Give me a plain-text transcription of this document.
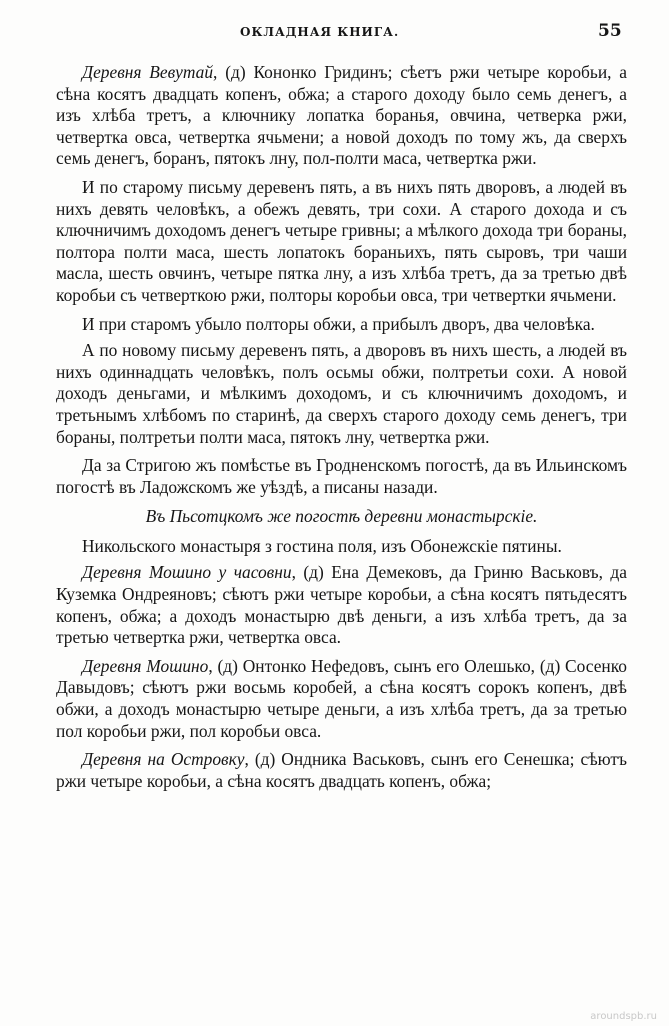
ОКЛАДНАЯ КНИГА.	55

Деревня Вевутай, (д) Кононко Гридинъ; сѣетъ ржи четыре коробьи, а сѣна косятъ двадцать копенъ, обжа; а старого доходу было семь денегъ, а изъ хлѣба третъ, а ключнику лопатка боранья, овчина, четверка ржи, четвертка овса, четвертка ячьмени; а новой доходъ по тому жъ, да сверхъ семь денегъ, боранъ, пятокъ лну, пол-полти маса, четвертка ржи.

И по старому письму деревенъ пять, а въ нихъ пять дворовъ, а людей въ нихъ девять человѣкъ, а обежъ девять, три сохи. А старого дохода и съ ключничимъ доходомъ денегъ четыре гривны; а мѣлкого дохода три бораны, полтора полти маса, шесть лопатокъ бораньихъ, пять сыровъ, три чаши масла, шесть овчинъ, четыре пятка лну, а изъ хлѣба третъ, да за третью двѣ коробьи съ четверткою ржи, полторы коробьи овса, три четвертки ячьмени.

И при старомъ убыло полторы обжи, а прибылъ дворъ, два человѣка.

А по новому письму деревенъ пять, а дворовъ въ нихъ шесть, а людей въ нихъ одиннадцать человѣкъ, полъ осьмы обжи, полтретьи сохи. А новой доходъ деньгами, и мѣлкимъ доходомъ, и съ ключничимъ доходомъ, и третьнымъ хлѣбомъ по старинѣ, да сверхъ старого доходу семь денегъ, три бораны, полтретьи полти маса, пятокъ лну, четвертка ржи.

Да за Стригою жъ помѣстье въ Гродненскомъ погостѣ, да въ Ильинскомъ погостѣ въ Ладожскомъ же уѣздѣ, а писаны назади.

Въ Пьсотцкомъ же погостѣ деревни монастырскіе.

Никольского монастыря з гостина поля, изъ Обонежскіе пятины.

Деревня Мошино у часовни, (д) Ена Демековъ, да Гриню Васьковъ, да Куземка Ондреяновъ; сѣютъ ржи четыре коробьи, а сѣна косятъ пятьдесятъ копенъ, обжа; а доходъ монастырю двѣ деньги, а изъ хлѣба третъ, да за третью четвертка ржи, четвертка овса.

Деревня Мошино, (д) Онтонко Нефедовъ, сынъ его Олешько, (д) Сосенко Давыдовъ; сѣютъ ржи восьмь коробей, а сѣна косятъ сорокъ копенъ, двѣ обжи, а доходъ монастырю четыре деньги, а изъ хлѣба третъ, да за третью пол коробьи ржи, пол коробьи овса.

Деревня на Островку, (д) Ондника Васьковъ, сынъ его Сенешка; сѣютъ ржи четыре коробьи, а сѣна косятъ двадцать копенъ, обжа;

aroundspb.ru
